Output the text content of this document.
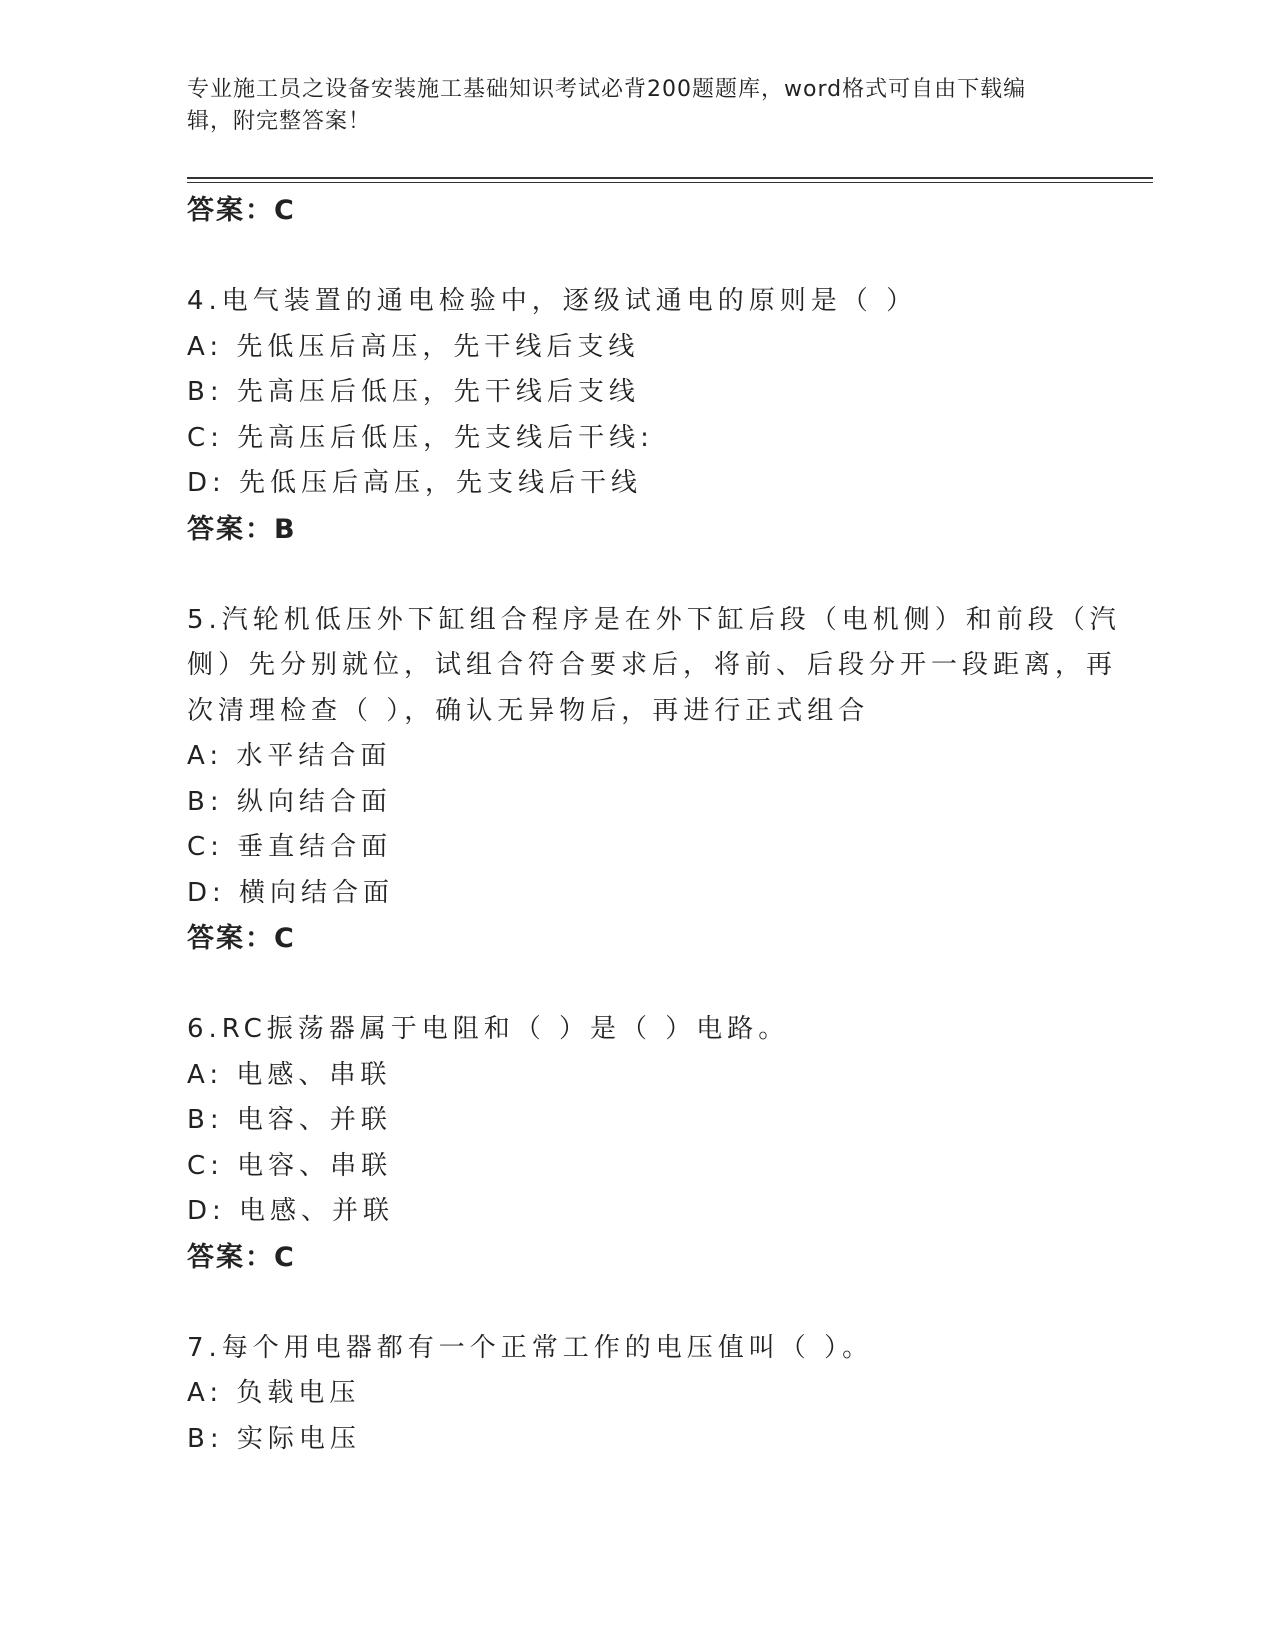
专业施工员之设备安装施工基础知识考试必背200题题库，word格式可自由下载编辑，附完整答案！
答案：C
4.电气装置的通电检验中，逐级试通电的原则是（ ）
A: 先低压后高压，先干线后支线
B: 先高压后低压，先干线后支线
C: 先高压后低压，先支线后干线:
D: 先低压后高压，先支线后干线
答案：B
5.汽轮机低压外下缸组合程序是在外下缸后段（电机侧）和前段（汽
侧）先分别就位，试组合符合要求后，将前、后段分开一段距离，再
次清理检查（ ），确认无异物后，再进行正式组合
A: 水平结合面
B: 纵向结合面
C: 垂直结合面
D: 横向结合面
答案：C
6.RC振荡器属于电阻和（ ）是（ ）电路。
A: 电感、串联
B: 电容、并联
C: 电容、串联
D: 电感、并联
答案：C
7.每个用电器都有一个正常工作的电压值叫（ ）。
A: 负载电压
B: 实际电压
